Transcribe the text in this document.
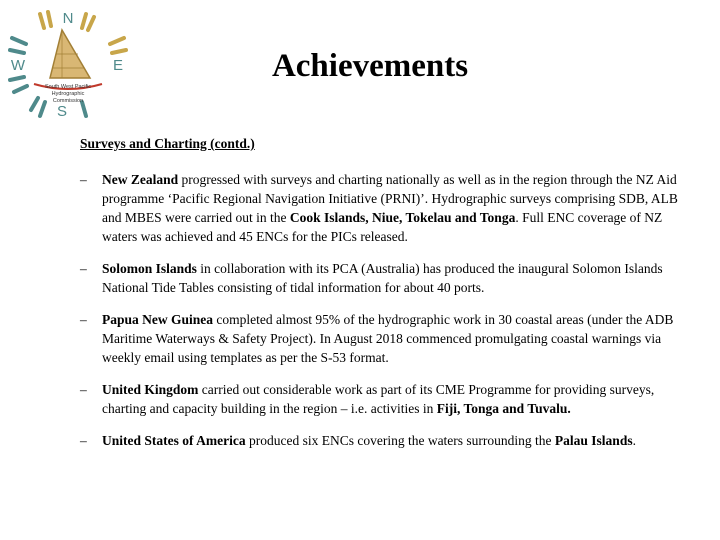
N
W	E
S
South West Pacific
Hydrographic
Commission
Achievements
Surveys and Charting (contd.)
– New Zealand progressed with surveys and charting nationally as well as in the region through the NZ Aid programme ‘Pacific Regional Navigation Initiative (PRNI)’. Hydrographic surveys comprising SDB, ALB and MBES were carried out in the Cook Islands, Niue, Tokelau and Tonga. Full ENC coverage of NZ waters was achieved and 45 ENCs for the PICs released.
– Solomon Islands in collaboration with its PCA (Australia) has produced the inaugural Solomon Islands National Tide Tables consisting of tidal information for about 40 ports.
– Papua New Guinea completed almost 95% of the hydrographic work in 30 coastal areas (under the ADB Maritime Waterways & Safety Project). In August 2018 commenced promulgating coastal warnings via weekly email using templates as per the S-53 format.
– United Kingdom carried out considerable work as part of its CME Programme for providing surveys, charting and capacity building in the region – i.e. activities in Fiji, Tonga and Tuvalu.
– United States of America produced six ENCs covering the waters surrounding the Palau Islands.
